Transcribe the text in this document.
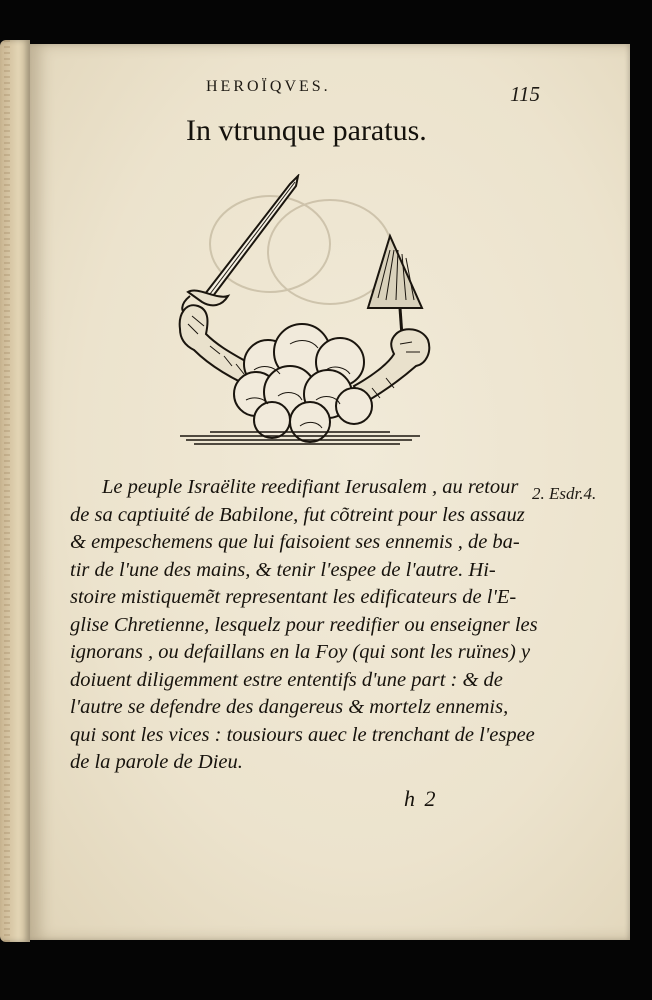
HEROÏQVES.	115
In vtrunque paratus.
2. Esdr.4.

Le peuple Israëlite reedifiant Ierusalem , au retour
de sa captiuité de Babilone, fut cõtreint pour les assauz
& empeschemens que lui faisoient ses ennemis , de ba-
tir de l'une des mains, & tenir l'espee de l'autre. Hi-
stoire mistiquemẽt representant les edificateurs de l'E-
glise Chretienne, lesquelz pour reedifier ou enseigner les
ignorans , ou defaillans en la Foy (qui sont les ruïnes) y
doiuent diligemment estre ententifs d'une part : & de
l'autre se defendre des dangereus & mortelz ennemis,
qui sont les vices : tousiours auec le trenchant de l'espee
de la parole de Dieu.

h 2
